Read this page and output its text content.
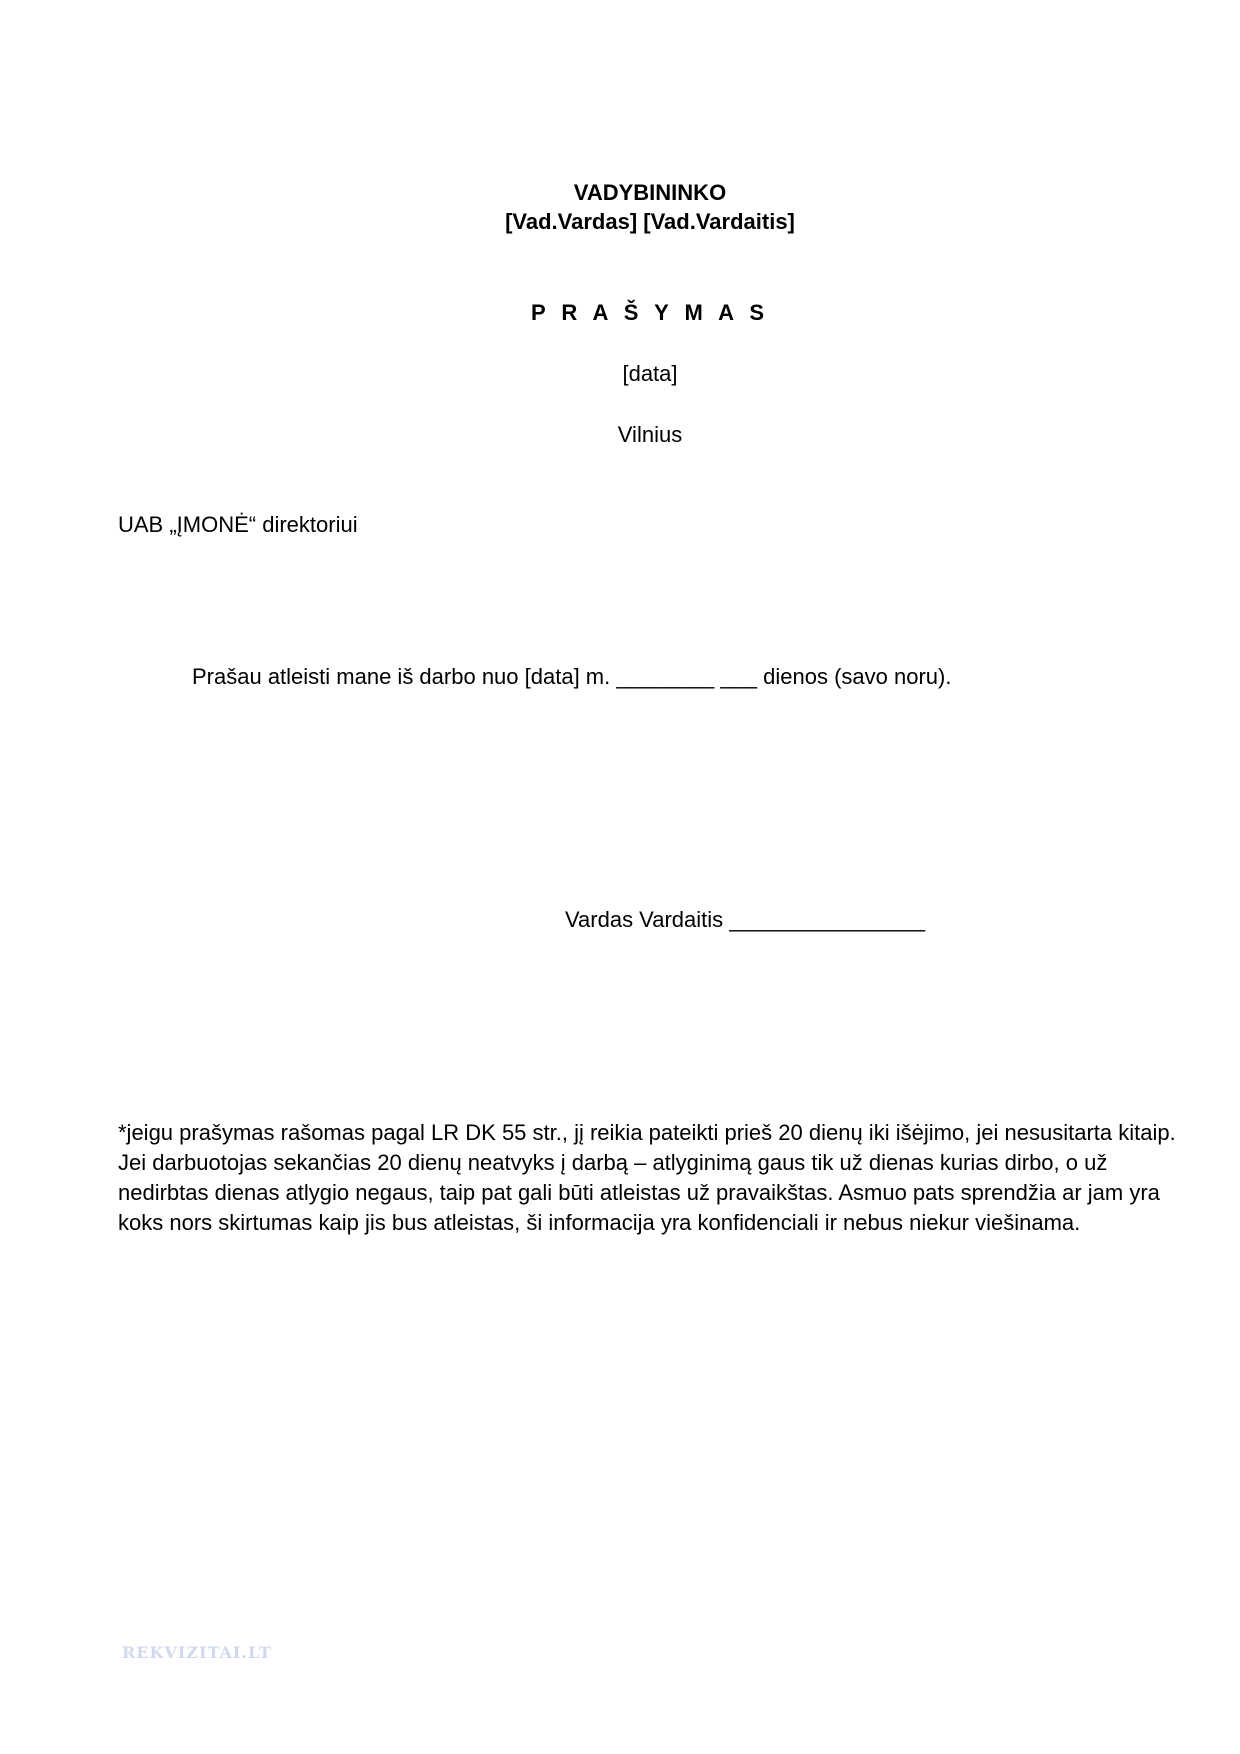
VADYBININKO
[Vad.Vardas] [Vad.Vardaitis]
P R A Š Y M A S
[data]
Vilnius
UAB „ĮMONĖ“ direktoriui
Prašau atleisti mane iš darbo nuo [data] m. ________ ___ dienos (savo noru).
Vardas Vardaitis ________________
*jeigu prašymas rašomas pagal LR DK 55 str., jį reikia pateikti prieš 20 dienų iki išėjimo, jei nesusitarta kitaip. Jei darbuotojas sekančias 20 dienų neatvyks į darbą – atlyginimą gaus tik už dienas kurias dirbo, o už nedirbtas dienas atlygio negaus, taip pat gali būti atleistas už pravaikštas. Asmuo pats sprendžia ar jam yra koks nors skirtumas kaip jis bus atleistas, ši informacija yra konfidenciali ir nebus niekur viešinama.
REKVIZITAI.LT
